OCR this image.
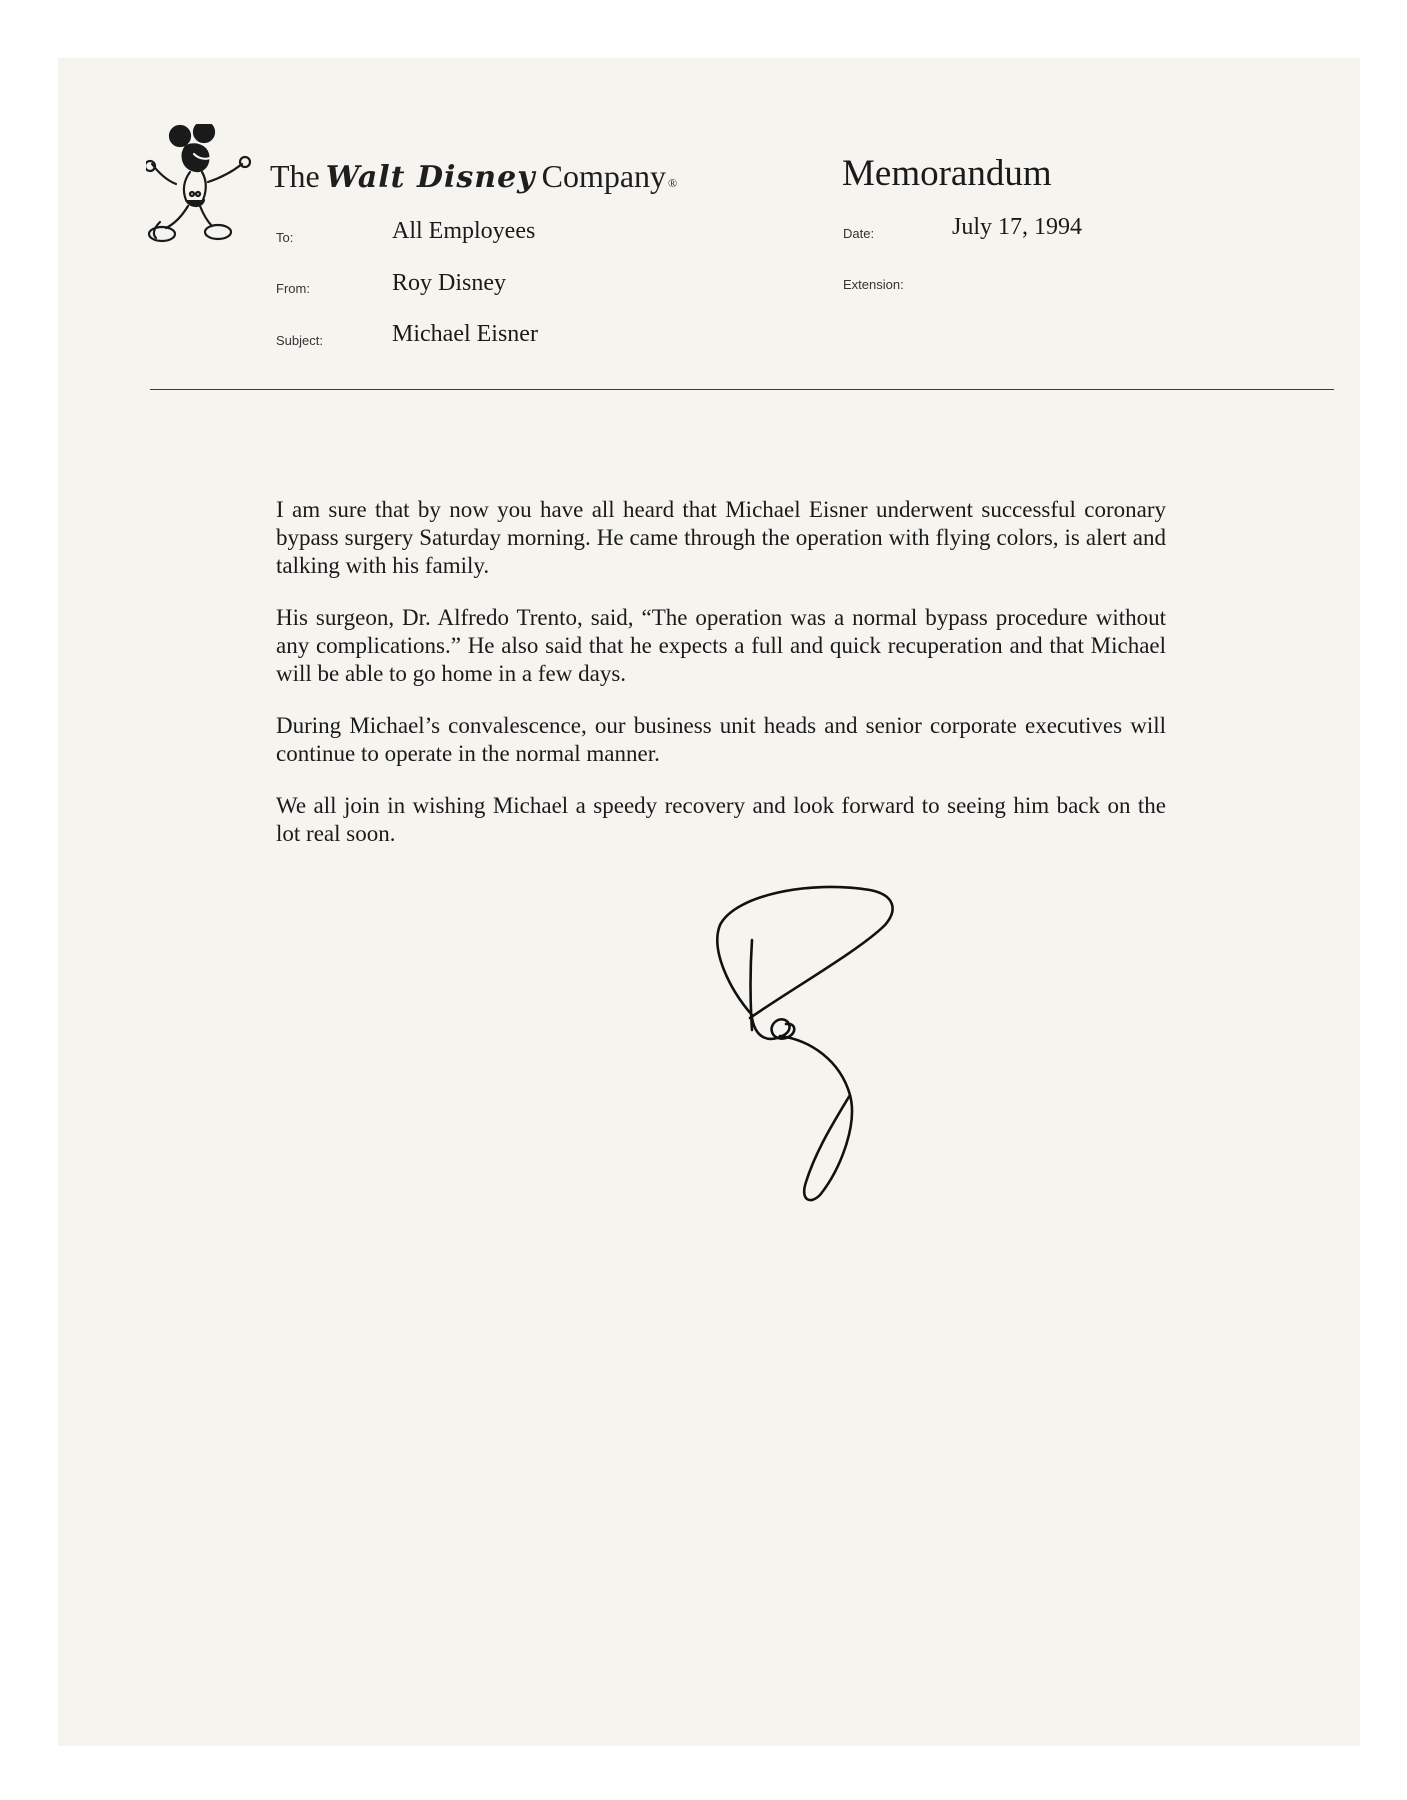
The Walt Disney Company ®	Memorandum
To:	All Employees
From:	Roy Disney
Subject:	Michael Eisner
Date:	July 17, 1994
Extension:

I am sure that by now you have all heard that Michael Eisner underwent successful coronary bypass surgery Saturday morning. He came through the operation with flying colors, is alert and talking with his family.

His surgeon, Dr. Alfredo Trento, said, “The operation was a normal bypass procedure without any complications.” He also said that he expects a full and quick recuperation and that Michael will be able to go home in a few days.

During Michael’s convalescence, our business unit heads and senior corporate executives will continue to operate in the normal manner.

We all join in wishing Michael a speedy recovery and look forward to seeing him back on the lot real soon.
